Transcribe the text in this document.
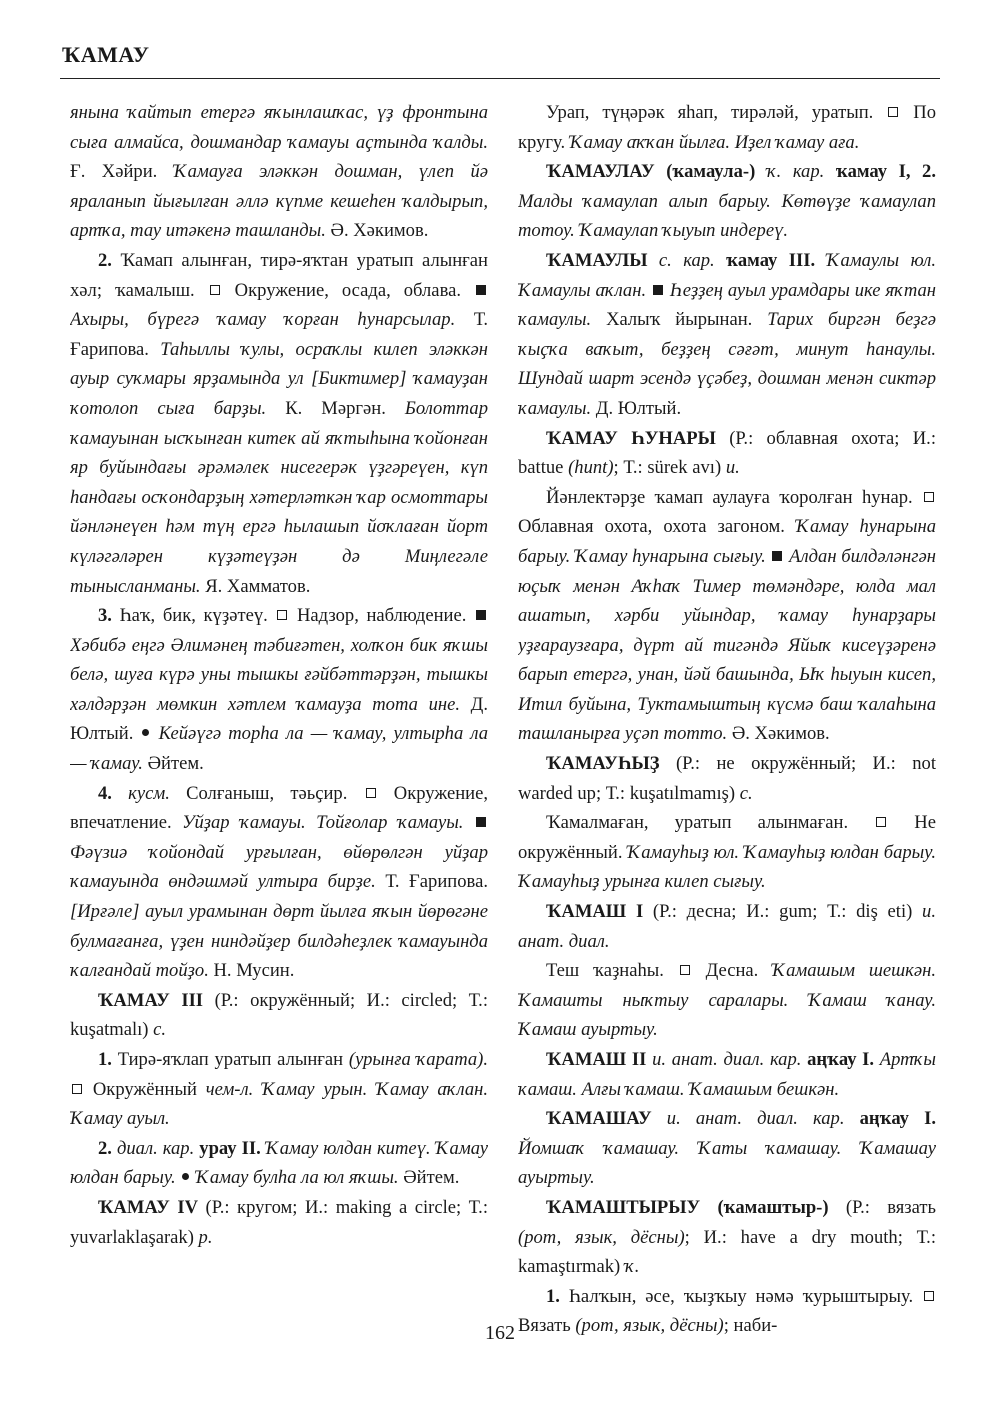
ҠАМАУ

янына ҡайтып етергә яҡынлашҡас, үҙ фронтына сыға алмайса, дошмандар ҡамауы аҫтында ҡалды. Ғ. Хәйри. Ҡамауға эләккән дошман, үлеп йә яраланып йығылған әллә күпме кешеһен ҡалдырып, артҡа, тау итәкенә ташланды. Ә. Хәкимов.

2. Ҡамап алынған, тирә-яҡтан уратып алынған хәл; ҡамалыш.  Окружение, осада, облава.  Ахыры, бүрегә ҡамау ҡорған һунарсылар. Т. Ғарипова. Таһыллы ҡулы, осраҡлы килеп эләккән ауыр суҡмары ярҙамында ул [Биктимер] ҡамауҙан ҡотолоп сыға барҙы. К. Мәргән. Болоттар ҡамауынан ысҡынған китек ай яҡтыһына ҡойонған яр буйындағы әрәмәлек нисегерәк үҙгәреүен, күп һандағы осҡондарҙың хәтерләткән ҡар осмоттары йәнләнеүен һәм түң ергә һылашып йоҡлаған йорт күләгәләрен күҙәтеүҙән дә Миңлегәле тынысланманы. Я. Хамматов.

3. Һаҡ, бик, күҙәтеү.  Надзор, наблюдение.  Хәбибә еңгә Әлимәнең тәбиғәтен, холҡон бик яҡшы белә, шуға күрә уны тышкы ғәйбәттәрҙән, тышкы хәлдәрҙән мөмкин хәтлем ҡамауҙа тота ине. Д. Юлтый.  Кейәүгә торһа ла — ҡамау, ултырһа ла — ҡамау. Әйтем.

4. кусм. Солғаныш, тәьҫир.  Окружение, впечатление. Уйҙар ҡамауы. Тойғолар ҡамауы.  Фәүзиә ҡойондай урғылған, өйөрөлгән уйҙар ҡамауында өндәшмәй ултыра бирҙе. Т. Ғарипова. [Ирғәле] ауыл урамынан дөрт йылға яҡын йөрөгәне булмағанға, үҙен ниндәйҙер билдәһеҙлек ҡамауында ҡалғандай тойҙо. Н. Мусин.

ҠАМАУ III (Р.: окружённый; И.: circled; Т.: kuşatmalı) с.

1. Тирә-яҡлап уратып алынған (урынға ҡарата).  Окружённый чем-л. Ҡамау урын. Ҡамау аҡлан. Ҡамау ауыл.

2. диал. кар. урау II. Ҡамау юлдан китеү. Ҡамау юлдан барыу.  Ҡамау булһа ла юл яҡшы. Әйтем.

ҠАМАУ IV (Р.: кругом; И.: making a circle; Т.: yuvarlaklaşarak) р.

Урап, түңәрәк яһап, тирәләй, уратып.  По кругу. Ҡамау аҡҡан йылға. Иҙел ҡамау аға.

ҠАМАУЛАУ (ҡамаула-) ҡ. кар. ҡамау I, 2. Малды ҡамаулап алып барыу. Көтөүҙе ҡамаулап тотоу. Ҡамаулап ҡыуып индереү.

ҠАМАУЛЫ с. кар. ҡамау III. Ҡамаулы юл. Ҡамаулы аҡлан.  Һеҙҙең ауыл урамдары ике яҡтан ҡамаулы. Халыҡ йырынан. Тарих биргән беҙгә ҡыҫҡа ваҡыт, беҙҙең сәғәт, минут һанаулы. Шундай шарт эсендә үҫәбеҙ, дошман менән сиктәр ҡамаулы. Д. Юлтый.

ҠАМАУ ҺУНАРЫ (Р.: облавная охота; И.: battue (hunt); Т.: sürek avı) и.

Йәнлектәрҙе ҡамап аулауға ҡоролған һунар.  Облавная охота, охота загоном. Ҡамау һунарына барыу. Ҡамау һунарына сығыу.  Алдан билдәләнгән юҫыҡ менән Аҡһаҡ Тимер төмәндәре, юлда мал ашатып, хәрби уйындар, ҡамау һунарҙары уҙғараузғара, дүрт ай тигәндә Яйыҡ кисеүҙәренә барып етергә, унан, йәй башында, Ыҡ һыуын кисеп, Итил буйына, Туктамыштың күсмә баш ҡалаһына ташланырға уҫәп тотто. Ә. Хәкимов.

ҠАМАУҺЫҘ (Р.: не окружённый; И.: not warded up; Т.: kuşatılmamış) с.

Ҡамалмаған, уратып алынмаған.  Не окружённый. Ҡамауһыҙ юл. Ҡамауһыҙ юлдан барыу. Ҡамауһыҙ урынға килеп сығыу.

ҠАМАШ I (Р.: десна; И.: gum; Т.: diş eti) и. анат. диал.

Теш ҡаҙнаһы.  Десна. Ҡамашым шешкән. Ҡамашты ныҡтыу саралары. Ҡамаш ҡанау. Ҡамаш ауыртыу.

ҠАМАШ II и. анат. диал. кар. аңҡау I. Артҡы ҡамаш. Алғы ҡамаш. Ҡамашым бешкән.

ҠАМАШАУ и. анат. диал. кар. аңҡау I. Йомшаҡ ҡамашау. Ҡаты ҡамашау. Ҡамашау ауыртыу.

ҠАМАШТЫРЫУ (ҡамаштыр-) (Р.: вязать (рот, язык, дёсны); И.: have a dry mouth; Т.: kamaştırmak) ҡ.

1. Һалҡын, әсе, ҡыҙҡыу нәмә ҡурыштырыу.  Вязать (рот, язык, дёсны); наби-

162
